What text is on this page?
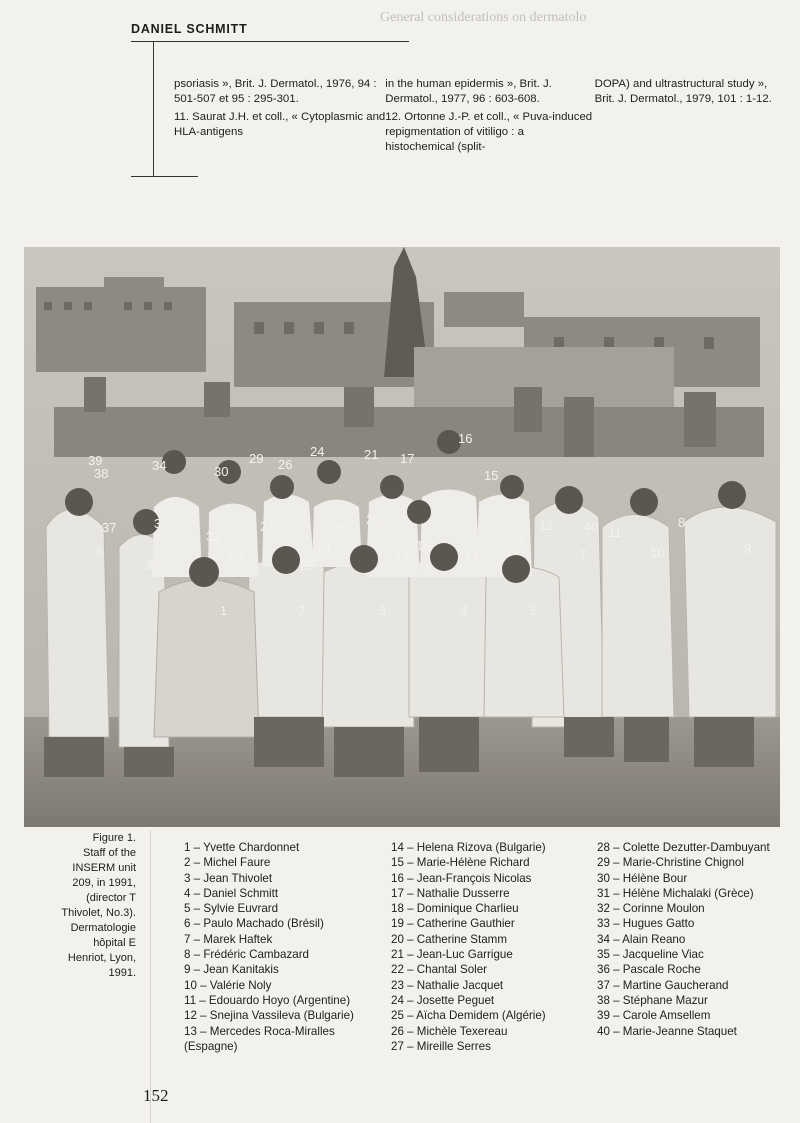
DANIEL SCHMITT
General considerations on dermatolo

psoriasis », Brit. J. Dermatol., 1976, 94 : 501-507 et 95 : 295-301.

11. Saurat J.H. et coll., « Cytoplasmic and HLA-antigens

in the human epidermis », Brit. J. Dermatol., 1977, 96 : 603-608.

12. Ortonne J.-P. et coll., « Puva-induced repigmentation of vitiligo : a histochemical (split-

DOPA) and ultrastructural study », Brit. J. Dermatol., 1979, 101 : 1-12.

1	2	3	4	5
6	7
8
9
10
11
12
13
14
15
16
17
18
19
20
21
22
23
24
25
26
27
28
29
30
31
32
33
34
35
36
37
38
39
40

Figure 1.

Staff of the INSERM unit 209, in 1991, (director T Thivolet, No.3). Dermatologie hôpital E Henriot, Lyon, 1991.

1 – Yvette Chardonnet
2 – Michel Faure
3 – Jean Thivolet
4 – Daniel Schmitt
5 – Sylvie Euvrard
6 – Paulo Machado (Brésil)
7 – Marek Haftek
8 – Frédéric Cambazard
9 – Jean Kanitakis
10 – Valérie Noly
11 – Edouardo Hoyo (Argentine)
12 – Snejina Vassileva (Bulgarie)
13 – Mercedes Roca-Miralles (Espagne)
14 – Helena Rizova (Bulgarie)
15 – Marie-Hélène Richard
16 – Jean-François Nicolas
17 – Nathalie Dusserre
18 – Dominique Charlieu
19 – Catherine Gauthier
20 – Catherine Stamm
21 – Jean-Luc Garrigue
22 – Chantal Soler
23 – Nathalie Jacquet
24 – Josette Peguet
25 – Aïcha Demidem (Algérie)
26 – Michèle Texereau
27 – Mireille Serres
28 – Colette Dezutter-Dambuyant
29 – Marie-Christine Chignol
30 – Hélène Bour
31 – Hélène Michalaki (Grèce)
32 – Corinne Moulon
33 – Hugues Gatto
34 – Alain Reano
35 – Jacqueline Viac
36 – Pascale Roche
37 – Martine Gaucherand
38 – Stéphane Mazur
39 – Carole Amsellem
40 – Marie-Jeanne Staquet
152
